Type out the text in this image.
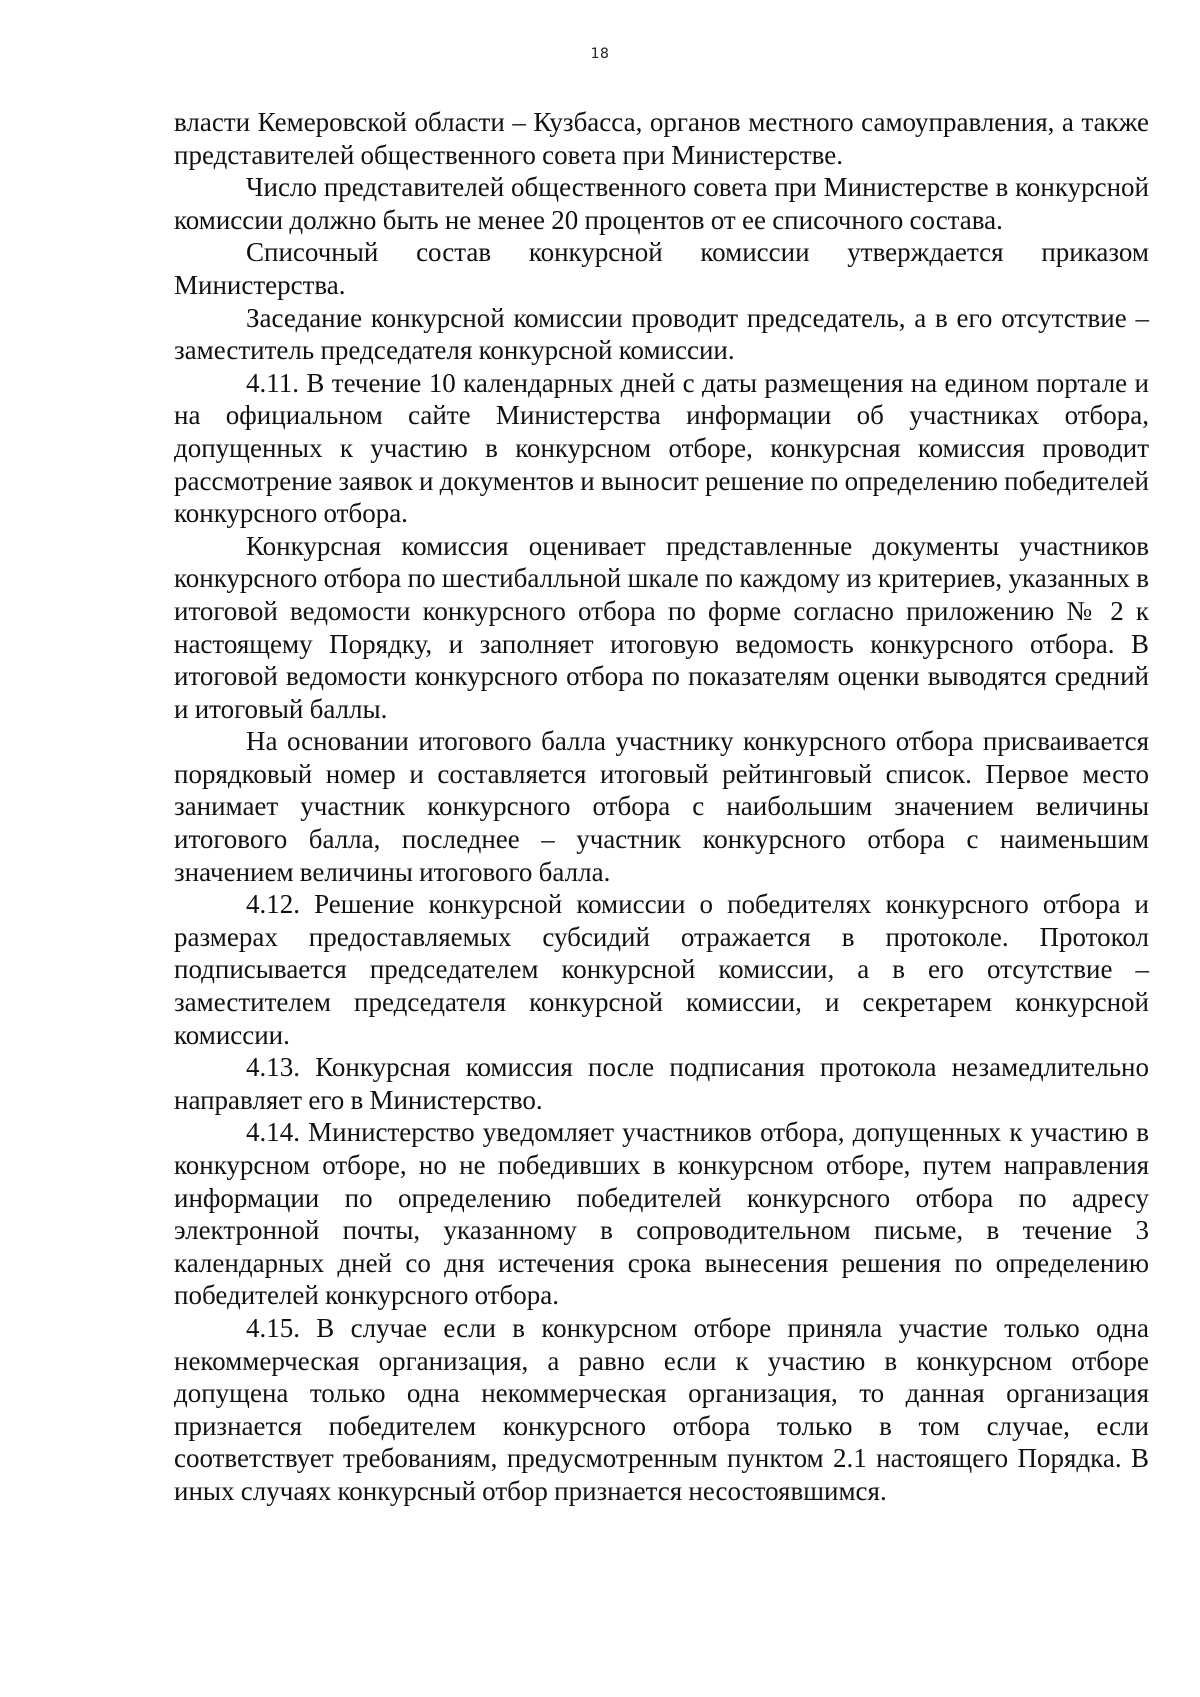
18

власти Кемеровской области – Кузбасса, органов местного самоуправления, а также представителей общественного совета при Министерстве.

Число представителей общественного совета при Министерстве в конкурсной комиссии должно быть не менее 20 процентов от ее списочного состава.

Списочный состав конкурсной комиссии утверждается приказом Министерства.

Заседание конкурсной комиссии проводит председатель, а в его отсутствие – заместитель председателя конкурсной комиссии.

4.11. В течение 10 календарных дней с даты размещения на едином портале и на официальном сайте Министерства информации об участниках отбора, допущенных к участию в конкурсном отборе, конкурсная комиссия проводит рассмотрение заявок и документов и выносит решение по определению победителей конкурсного отбора.

Конкурсная комиссия оценивает представленные документы участников конкурсного отбора по шестибалльной шкале по каждому из критериев, указанных в итоговой ведомости конкурсного отбора по форме согласно приложению № 2 к настоящему Порядку, и заполняет итоговую ведомость конкурсного отбора. В итоговой ведомости конкурсного отбора по показателям оценки выводятся средний и итоговый баллы.

На основании итогового балла участнику конкурсного отбора присваивается порядковый номер и составляется итоговый рейтинговый список. Первое место занимает участник конкурсного отбора с наибольшим значением величины итогового балла, последнее – участник конкурсного отбора с наименьшим значением величины итогового балла.

4.12. Решение конкурсной комиссии о победителях конкурсного отбора и размерах предоставляемых субсидий отражается в протоколе. Протокол подписывается председателем конкурсной комиссии, а в его отсутствие – заместителем председателя конкурсной комиссии, и секретарем конкурсной комиссии.

4.13. Конкурсная комиссия после подписания протокола незамедлительно направляет его в Министерство.

4.14. Министерство уведомляет участников отбора, допущенных к участию в конкурсном отборе, но не победивших в конкурсном отборе, путем направления информации по определению победителей конкурсного отбора по адресу электронной почты, указанному в сопроводительном письме, в течение 3 календарных дней со дня истечения срока вынесения решения по определению победителей конкурсного отбора.

4.15. В случае если в конкурсном отборе приняла участие только одна некоммерческая организация, а равно если к участию в конкурсном отборе допущена только одна некоммерческая организация, то данная организация признается победителем конкурсного отбора только в том случае, если соответствует требованиям, предусмотренным пунктом 2.1 настоящего Порядка. В иных случаях конкурсный отбор признается несостоявшимся.
